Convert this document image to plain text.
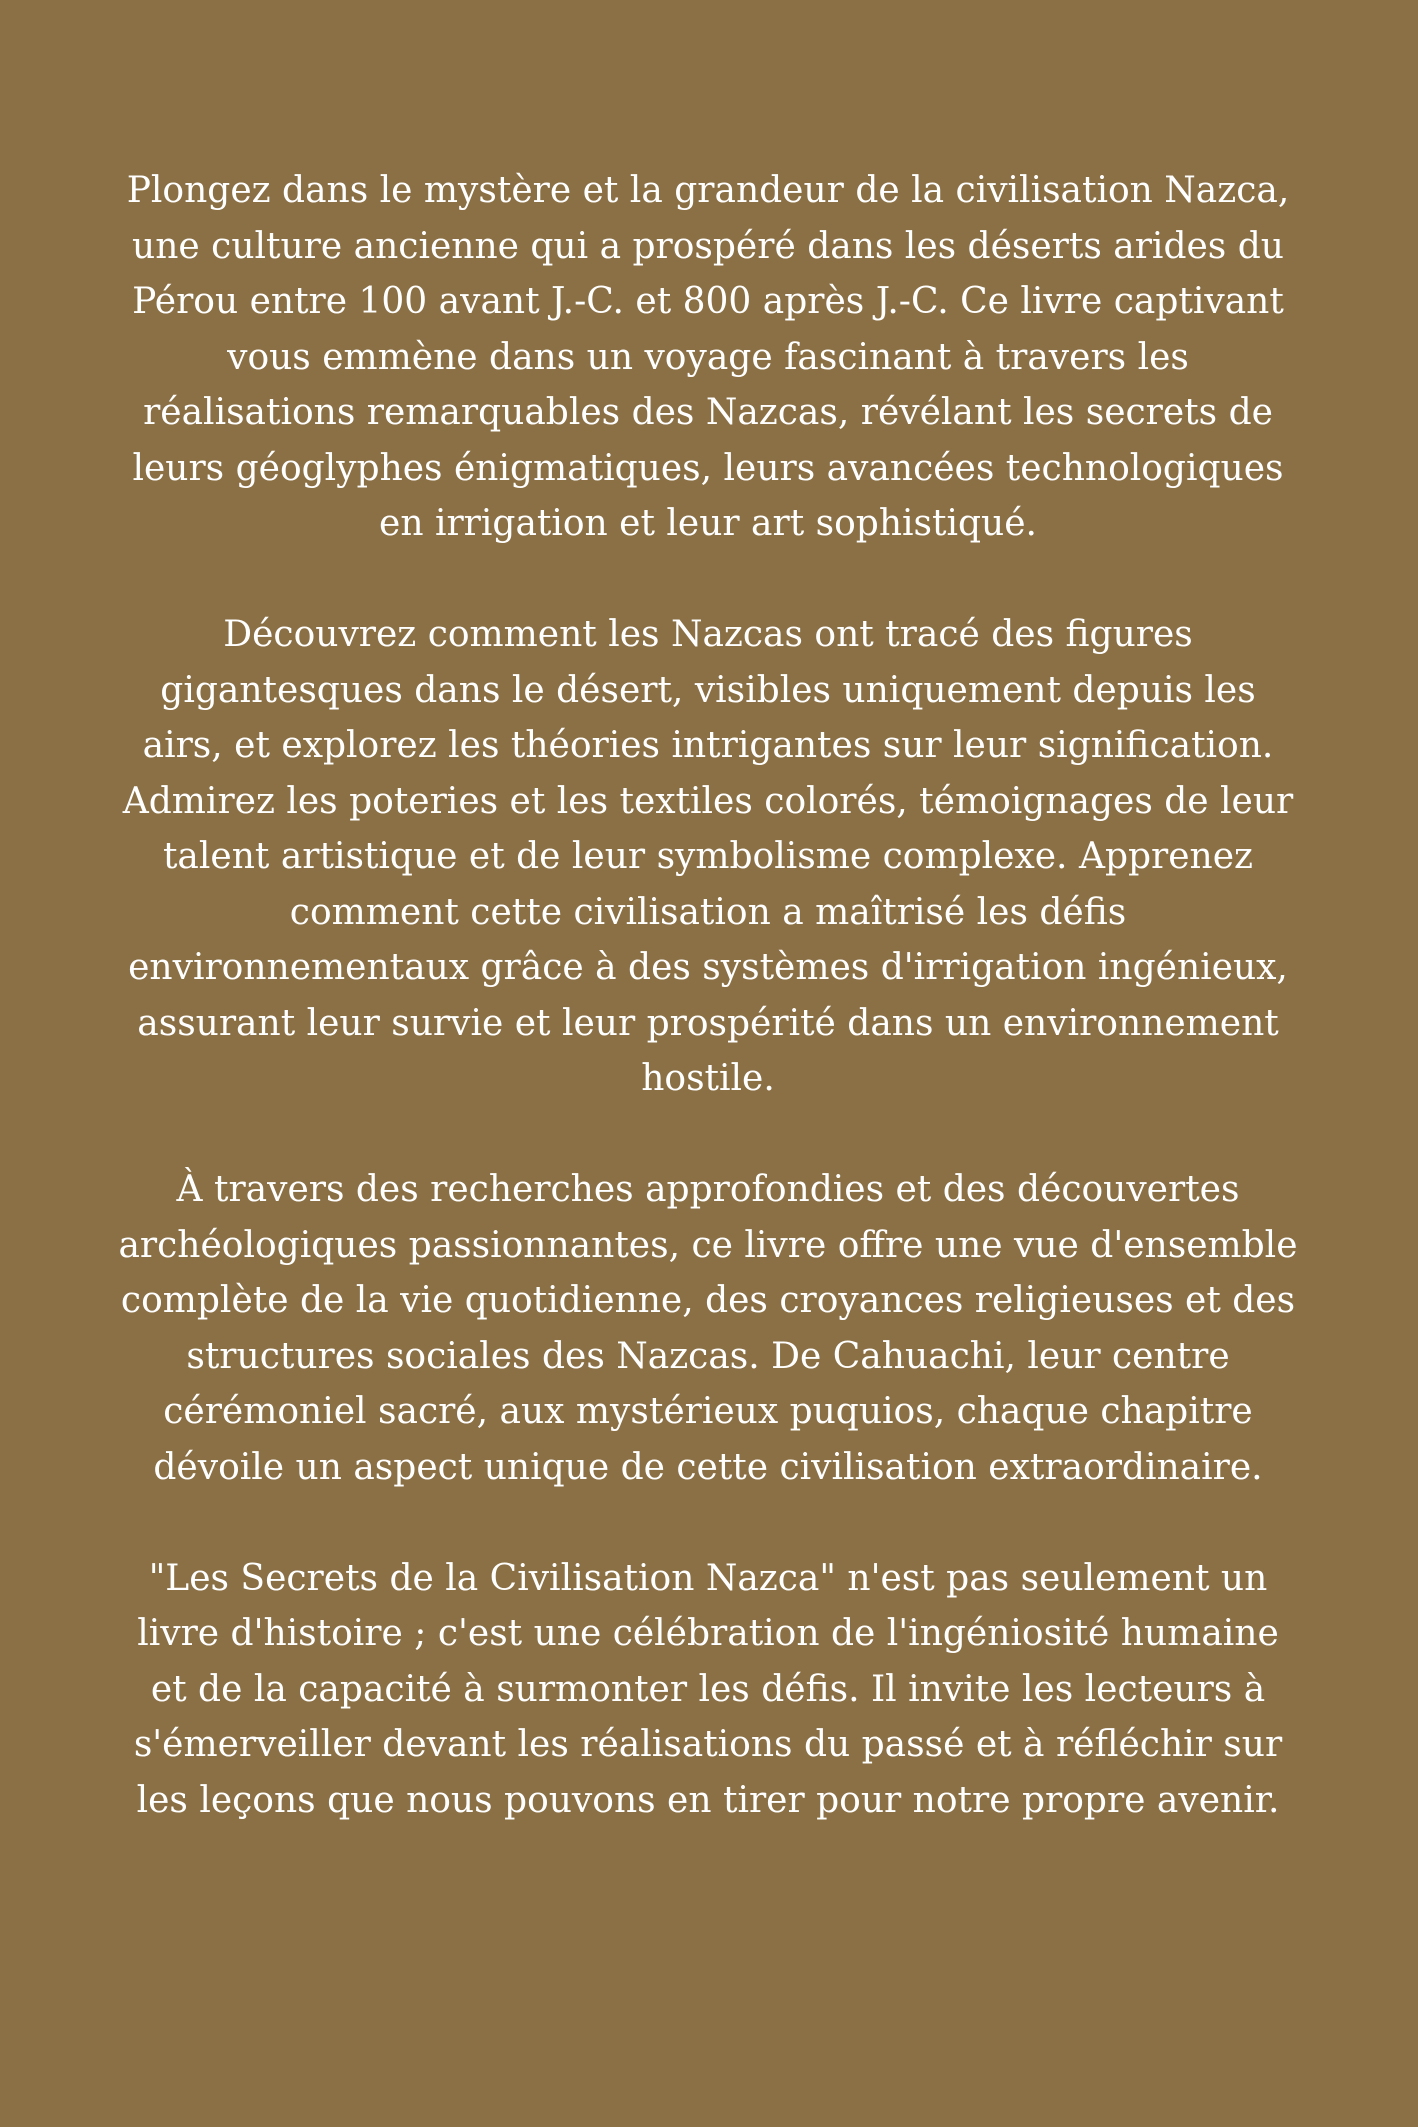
Plongez dans le mystère et la grandeur de la civilisation Nazca, une culture ancienne qui a prospéré dans les déserts arides du Pérou entre 100 avant J.-C. et 800 après J.-C. Ce livre captivant vous emmène dans un voyage fascinant à travers les réalisations remarquables des Nazcas, révélant les secrets de leurs géoglyphes énigmatiques, leurs avancées technologiques en irrigation et leur art sophistiqué.

Découvrez comment les Nazcas ont tracé des figures gigantesques dans le désert, visibles uniquement depuis les airs, et explorez les théories intrigantes sur leur signification. Admirez les poteries et les textiles colorés, témoignages de leur talent artistique et de leur symbolisme complexe. Apprenez comment cette civilisation a maîtrisé les défis environnementaux grâce à des systèmes d'irrigation ingénieux, assurant leur survie et leur prospérité dans un environnement hostile.

À travers des recherches approfondies et des découvertes archéologiques passionnantes, ce livre offre une vue d'ensemble complète de la vie quotidienne, des croyances religieuses et des structures sociales des Nazcas. De Cahuachi, leur centre cérémoniel sacré, aux mystérieux puquios, chaque chapitre dévoile un aspect unique de cette civilisation extraordinaire.

"Les Secrets de la Civilisation Nazca" n'est pas seulement un livre d'histoire ; c'est une célébration de l'ingéniosité humaine et de la capacité à surmonter les défis. Il invite les lecteurs à s'émerveiller devant les réalisations du passé et à réfléchir sur les leçons que nous pouvons en tirer pour notre propre avenir.
